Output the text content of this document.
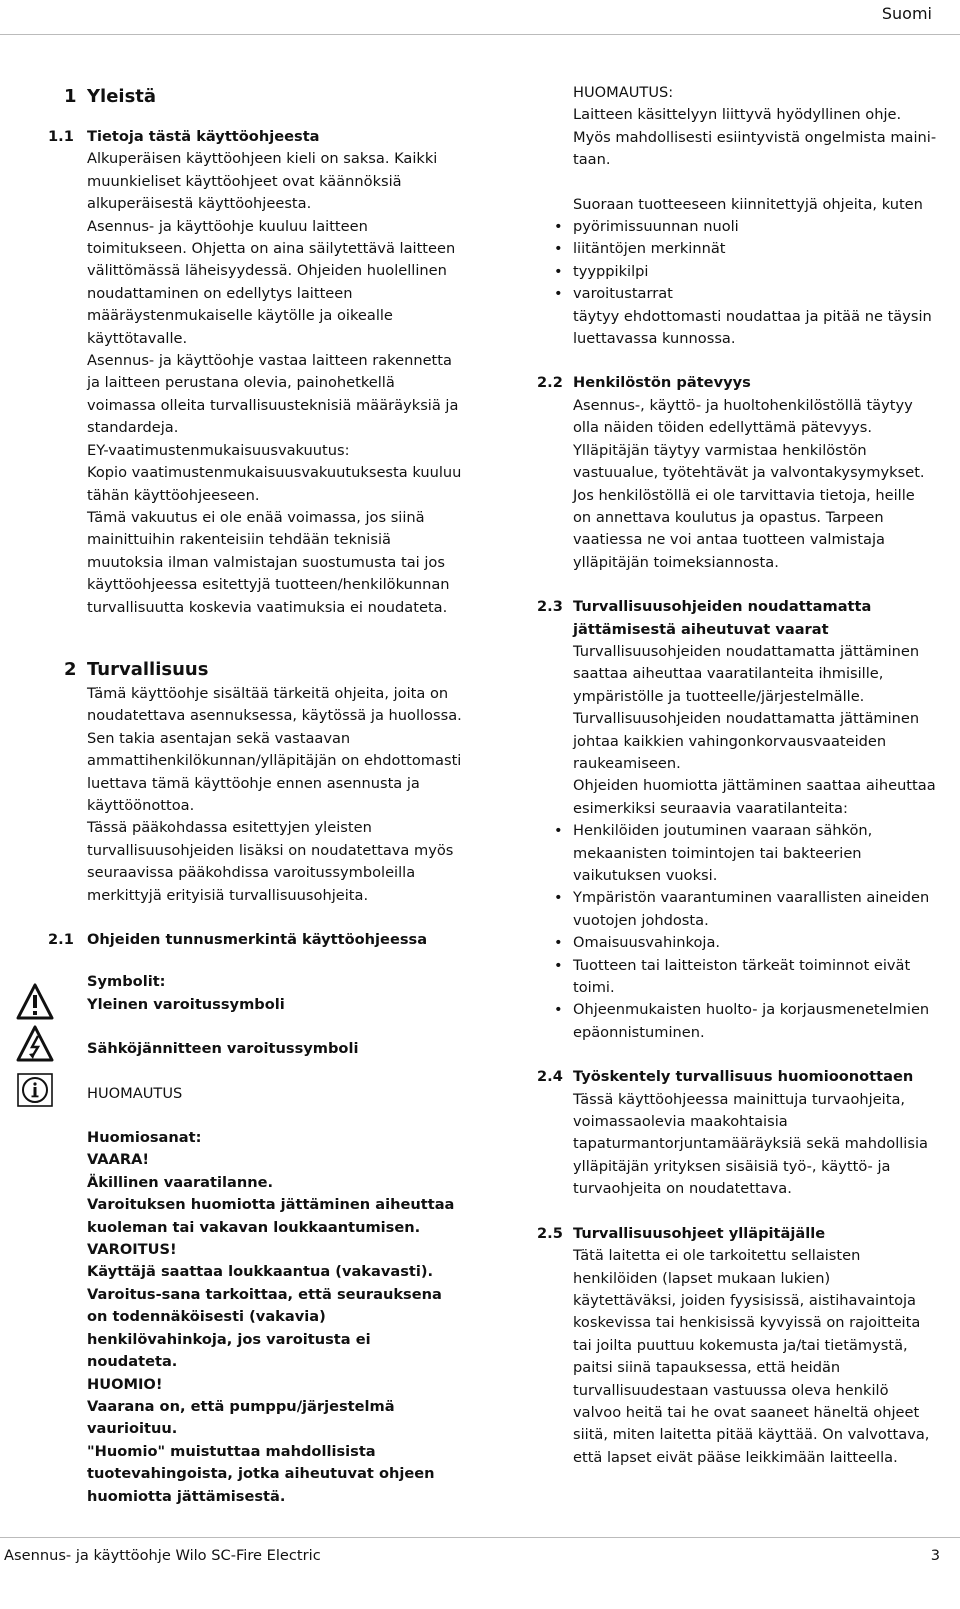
Suomi
1 Yleistä
1.1 Tietoja tästä käyttöohjeesta
Alkuperäisen käyttöohjeen kieli on saksa. Kaikki muunkieliset käyttöohjeet ovat käännöksiä alkuperäisestä käyttöohjeesta.
Asennus- ja käyttöohje kuuluu laitteen toimitukseen. Ohjetta on aina säilytettävä laitteen välittömässä läheisyydessä. Ohjeiden huolellinen noudattaminen on edellytys laitteen määräystenmukaiselle käytölle ja oikealle käyttötavalle.
Asennus- ja käyttöohje vastaa laitteen rakennetta ja laitteen perustana olevia, painohetkellä voimassa olleita turvallisuusteknisiä määräyksiä ja standardeja.
EY-vaatimustenmukaisuusvakuutus:
Kopio vaatimustenmukaisuusvakuutuksesta kuuluu tähän käyttöohjeeseen.
Tämä vakuutus ei ole enää voimassa, jos siinä mainittuihin rakenteisiin tehdään teknisiä muutoksia ilman valmistajan suostumusta tai jos käyttöohjeessa esitettyjä tuotteen/henkilökunnan turvallisuutta koskevia vaatimuksia ei noudateta.
2 Turvallisuus
Tämä käyttöohje sisältää tärkeitä ohjeita, joita on noudatettava asennuksessa, käytössä ja huollossa. Sen takia asentajan sekä vastaavan ammattihenkilökunnan/ylläpitäjän on ehdottomasti luettava tämä käyttöohje ennen asennusta ja käyttöönottoa.
Tässä pääkohdassa esitettyjen yleisten turvallisuusohjeiden lisäksi on noudatettava myös seuraavissa pääkohdissa varoitussymboleilla merkittyjä erityisiä turvallisuusohjeita.
2.1 Ohjeiden tunnusmerkintä käyttöohjeessa
Symbolit:
Yleinen varoitussymboli
Sähköjännitteen varoitussymboli
HUOMAUTUS
Huomiosanat:
VAARA!
Äkillinen vaaratilanne.
Varoituksen huomiotta jättäminen aiheuttaa kuoleman tai vakavan loukkaantumisen.
VAROITUS!
Käyttäjä saattaa loukkaantua (vakavasti).
Varoitus-sana tarkoittaa, että seurauksena on todennäköisesti (vakavia) henkilövahinkoja, jos varoitusta ei noudateta.
HUOMIO!
Vaarana on, että pumppu/järjestelmä vaurioituu.
"Huomio" muistuttaa mahdollisista tuotevahingoista, jotka aiheutuvat ohjeen huomiotta jättämisestä.
HUOMAUTUS:
Laitteen käsittelyyn liittyvä hyödyllinen ohje.
Myös mahdollisesti esiintyvistä ongelmista maini-taan.
Suoraan tuotteeseen kiinnitettyjä ohjeita, kuten
• pyörimissuunnan nuoli
• liitäntöjen merkinnät
• tyyppikilpi
• varoitustarrat
täytyy ehdottomasti noudattaa ja pitää ne täysin luettavassa kunnossa.
2.2 Henkilöstön pätevyys
Asennus-, käyttö- ja huoltohenkilöstöllä täytyy olla näiden töiden edellyttämä pätevyys. Ylläpitäjän täytyy varmistaa henkilöstön vastuualue, työtehtävät ja valvontakysymykset. Jos henkilöstöllä ei ole tarvittavia tietoja, heille on annettava koulutus ja opastus. Tarpeen vaatiessa ne voi antaa tuotteen valmistaja ylläpitäjän toimeksiannosta.
2.3 Turvallisuusohjeiden noudattamatta jättämisestä aiheutuvat vaarat
Turvallisuusohjeiden noudattamatta jättäminen saattaa aiheuttaa vaaratilanteita ihmisille, ympäristölle ja tuotteelle/järjestelmälle. Turvallisuusohjeiden noudattamatta jättäminen johtaa kaikkien vahingonkorvausvaateiden raukeamiseen.
Ohjeiden huomiotta jättäminen saattaa aiheuttaa esimerkiksi seuraavia vaaratilanteita:
• Henkilöiden joutuminen vaaraan sähkön, mekaanisten toimintojen tai bakteerien vaikutuksen vuoksi.
• Ympäristön vaarantuminen vaarallisten aineiden vuotojen johdosta.
• Omaisuusvahinkoja.
• Tuotteen tai laitteiston tärkeät toiminnot eivät toimi.
• Ohjeenmukaisten huolto- ja korjausmenetelmien epäonnistuminen.
2.4 Työskentely turvallisuus huomioonottaen
Tässä käyttöohjeessa mainittuja turvaohjeita, voimassaolevia maakohtaisia tapaturmantorjuntamääräyksiä sekä mahdollisia ylläpitäjän yrityksen sisäisiä työ-, käyttö- ja turvaohjeita on noudatettava.
2.5 Turvallisuusohjeet ylläpitäjälle
Tätä laitetta ei ole tarkoitettu sellaisten henkilöiden (lapset mukaan lukien) käytettäväksi, joiden fyysisissä, aistihavaintoja koskevissa tai henkisissä kyvyissä on rajoitteita tai joilta puuttuu kokemusta ja/tai tietämystä, paitsi siinä tapauksessa, että heidän turvallisuudestaan vastuussa oleva henkilö valvoo heitä tai he ovat saaneet häneltä ohjeet siitä, miten laitetta pitää käyttää. On valvottava, että lapset eivät pääse leikkimään laitteella.
Asennus- ja käyttöohje Wilo SC-Fire Electric	3
